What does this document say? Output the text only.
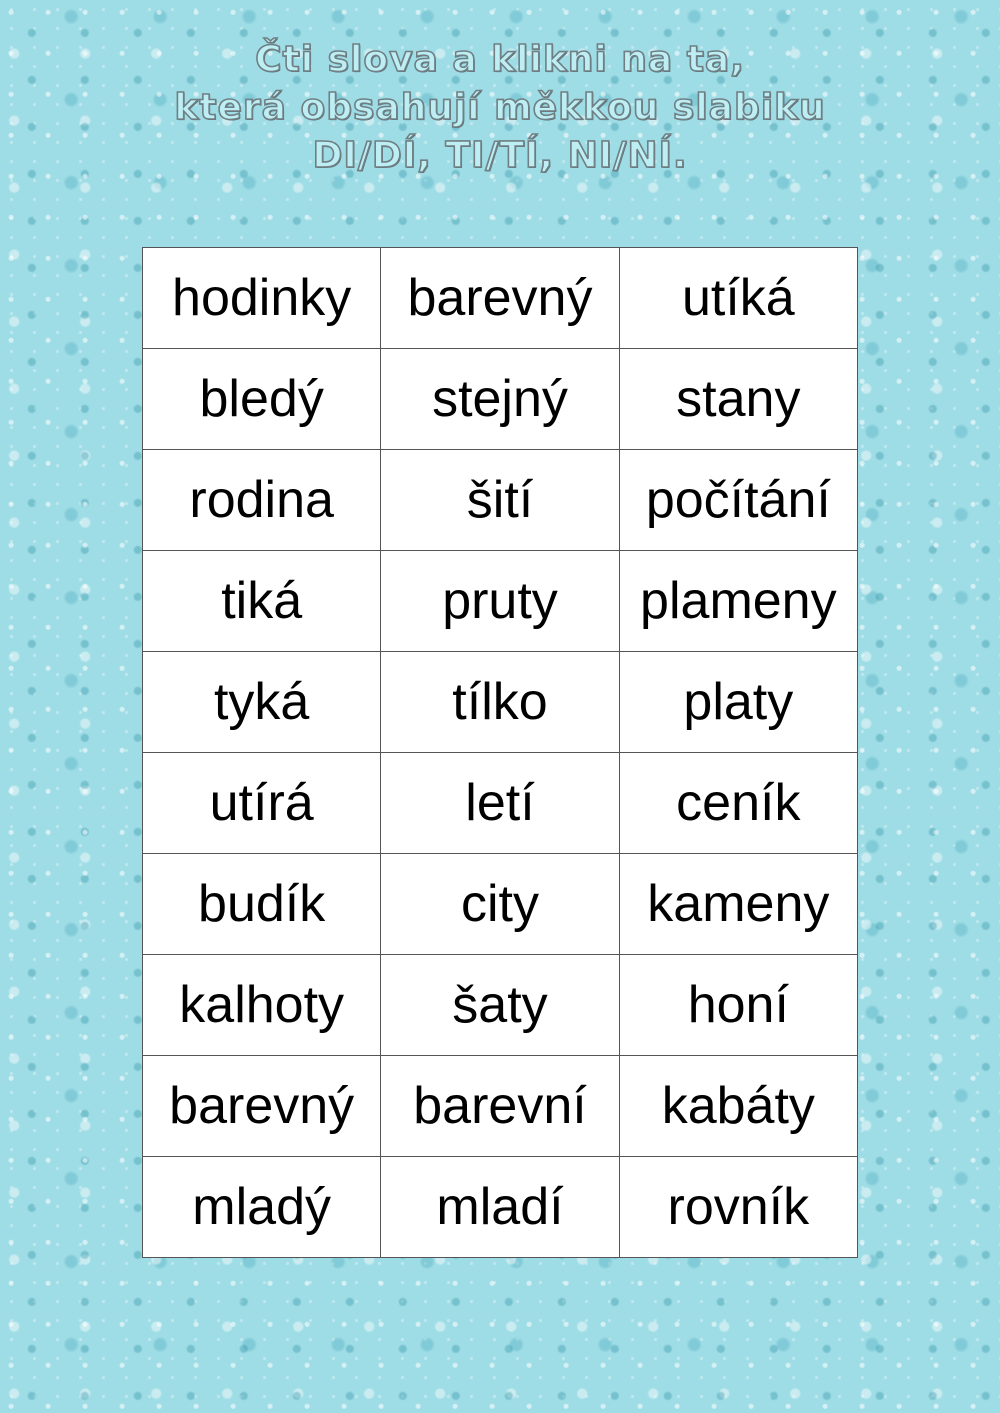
Čti slova a klikni na ta,
která obsahují měkkou slabiku
DI/DÍ, TI/TÍ, NI/NÍ.
hodinky	barevný	utíká
bledý	stejný	stany
rodina	šití	počítání
tiká	pruty	plameny
tyká	tílko	platy
utírá	letí	ceník
budík	city	kameny
kalhoty	šaty	honí
barevný	barevní	kabáty
mladý	mladí	rovník
